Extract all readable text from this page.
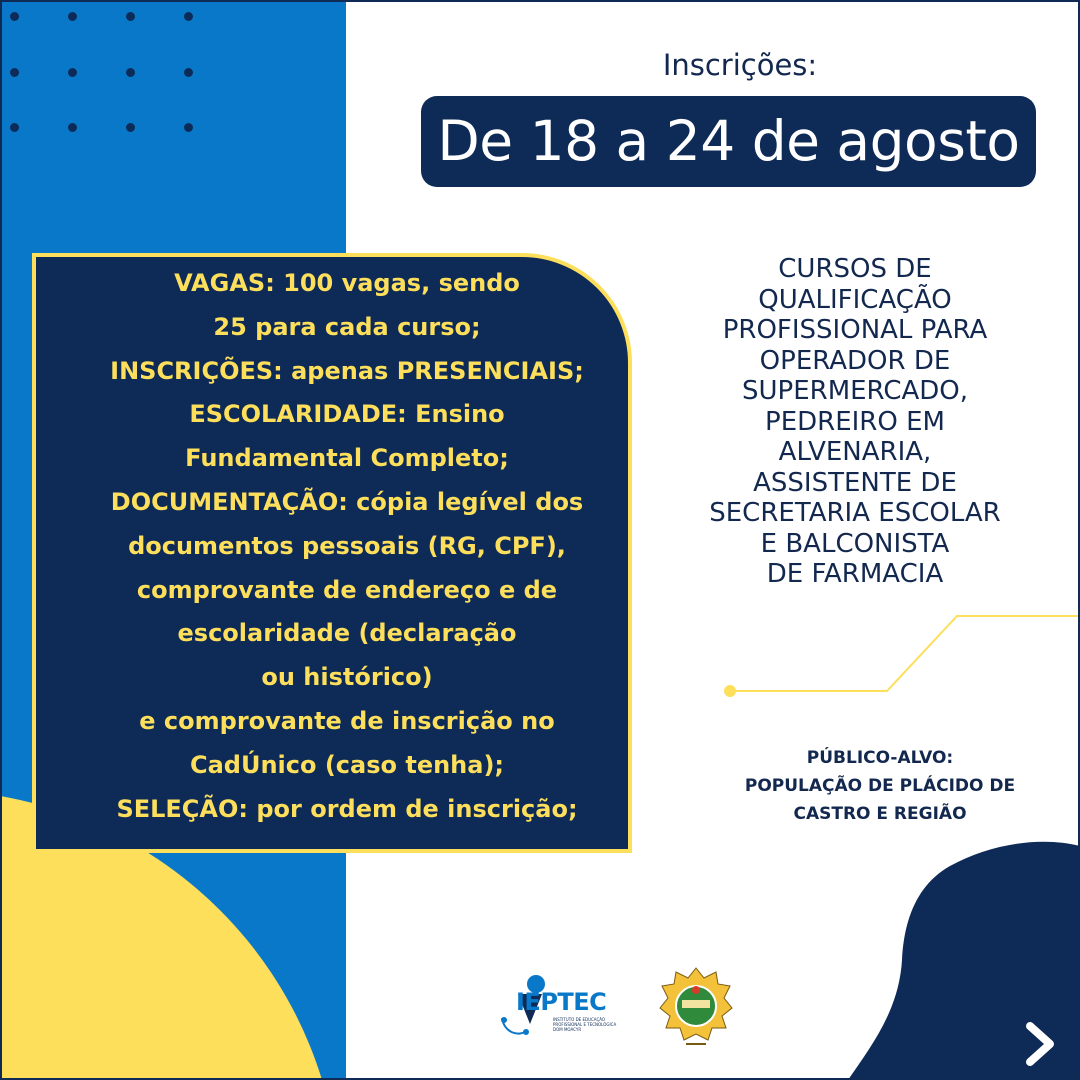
Inscrições:
De 18 a 24 de agosto
VAGAS: 100 vagas, sendo
25 para cada curso;
INSCRIÇÕES: apenas PRESENCIAIS;
ESCOLARIDADE: Ensino
Fundamental Completo;
DOCUMENTAÇÃO: cópia legível dos
documentos pessoais (RG, CPF),
comprovante de endereço e de
escolaridade (declaração
ou histórico)
e comprovante de inscrição no
CadÚnico (caso tenha);
SELEÇÃO: por ordem de inscrição;
CURSOS DE
QUALIFICAÇÃO
PROFISSIONAL PARA
OPERADOR DE
SUPERMERCADO,
PEDREIRO EM
ALVENARIA,
ASSISTENTE DE
SECRETARIA ESCOLAR
E BALCONISTA
DE FARMACIA
PÚBLICO-ALVO:
POPULAÇÃO DE PLÁCIDO DE
CASTRO E REGIÃO
IEPTEC
INSTITUTO DE EDUCAÇÃO PROFISSIONAL E TECNOLÓGICA DOM MOACYR
